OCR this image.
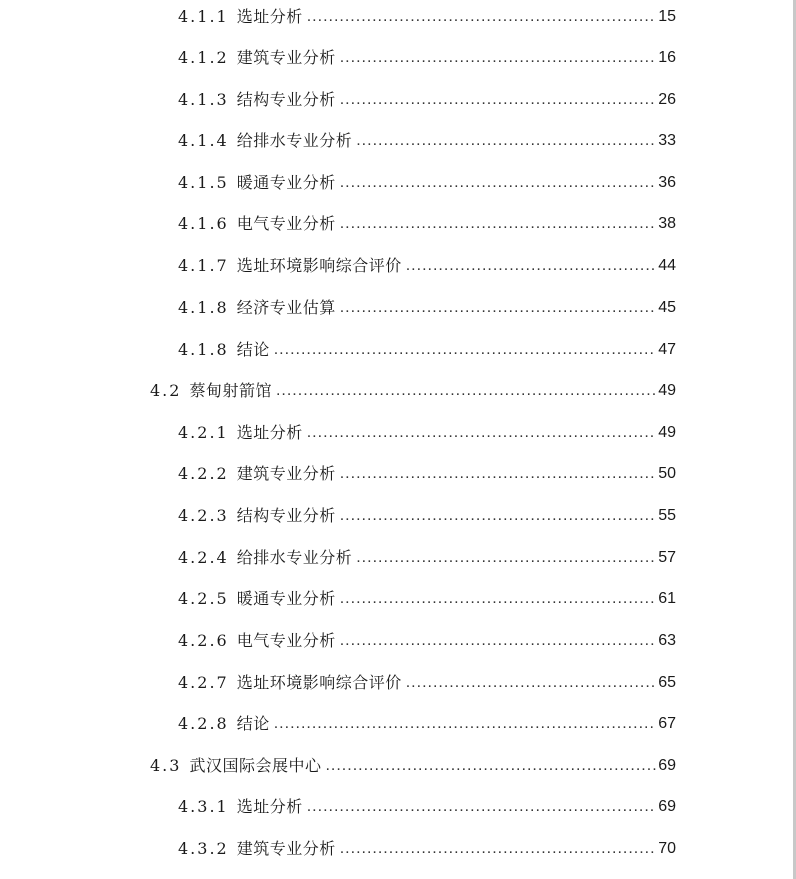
4.1.1 选址分析 .....	15
4.1.2 建筑专业分析 .....	16
4.1.3 结构专业分析 .....	26
4.1.4 给排水专业分析 .....	33
4.1.5 暖通专业分析 .....	36
4.1.6 电气专业分析 .....	38
4.1.7 选址环境影响综合评价 .....	44
4.1.8 经济专业估算 .....	45
4.1.8 结论 .....	47
4.2 蔡甸射箭馆 .....	49
4.2.1 选址分析 .....	49
4.2.2 建筑专业分析 .....	50
4.2.3 结构专业分析 .....	55
4.2.4 给排水专业分析 .....	57
4.2.5 暖通专业分析 .....	61
4.2.6 电气专业分析 .....	63
4.2.7 选址环境影响综合评价 .....	65
4.2.8 结论 .....	67
4.3 武汉国际会展中心 .....	69
4.3.1 选址分析 .....	69
4.3.2 建筑专业分析 .....	70
